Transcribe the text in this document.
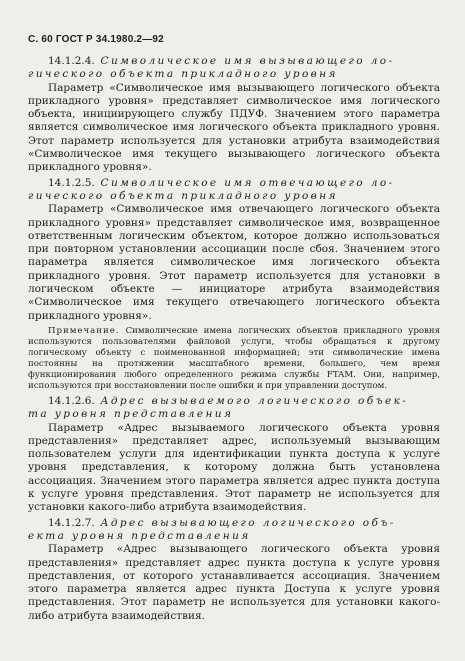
С. 60 ГОСТ Р 34.1980.2—92

14.1.2.4. Символическое имя вызывающего ло-

гического объекта прикладного уровня

Параметр «Символическое имя вызывающего логического объекта прикладного уровня» представляет символическое имя логического объекта, инициирующего службу ПДУФ. Значением этого параметра является символическое имя логического объекта прикладного уровня. Этот параметр используется для установки атрибута взаимодействия «Символическое имя текущего вызывающего логического объекта прикладного уровня».

14.1.2.5. Символическое имя отвечающего ло-

гического объекта прикладного уровня

Параметр «Символическое имя отвечающего логического объекта прикладного уровня» представляет символическое имя, возвращенное ответственным логическим объектом, которое должно использоваться при повторном установлении ассоциации после сбоя. Значением этого параметра является символическое имя логического объекта прикладного уровня. Этот параметр используется для установки в логическом объекте — инициаторе атрибута взаимодействия «Символическое имя текущего отвечающего логического объекта прикладного уровня».

Примечание. Символические имена логических объектов прикладного уровня используются пользователями файловой услуги, чтобы обращаться к другому логическому объекту с поименованной информацией; эти символические имена постоянны на протяжении масштабного времени, большего, чем время функционирования любого определенного режима службы FTAM. Они, например, используются при восстановлении после ошибки и при управлении доступом.

14.1.2.6. Адрес вызываемого логического объек-

та уровня представления

Параметр «Адрес вызываемого логического объекта уровня представления» представляет адрес, используемый вызывающим пользователем услуги для идентификации пункта доступа к услуге уровня представления, к которому должна быть установлена ассоциация. Значением этого параметра является адрес пункта доступа к услуге уровня представления. Этот параметр не используется для установки какого-либо атрибута взаимодействия.

14.1.2.7. Адрес вызывающего логического объ-

екта уровня представления

Параметр «Адрес вызывающего логического объекта уровня представления» представляет адрес пункта доступа к услуге уровня представления, от которого устанавливается ассоциация. Значением этого параметра является адрес пункта Доступа к услуге уровня представления. Этот параметр не используется для установки какого-либо атрибута взаимодействия.
